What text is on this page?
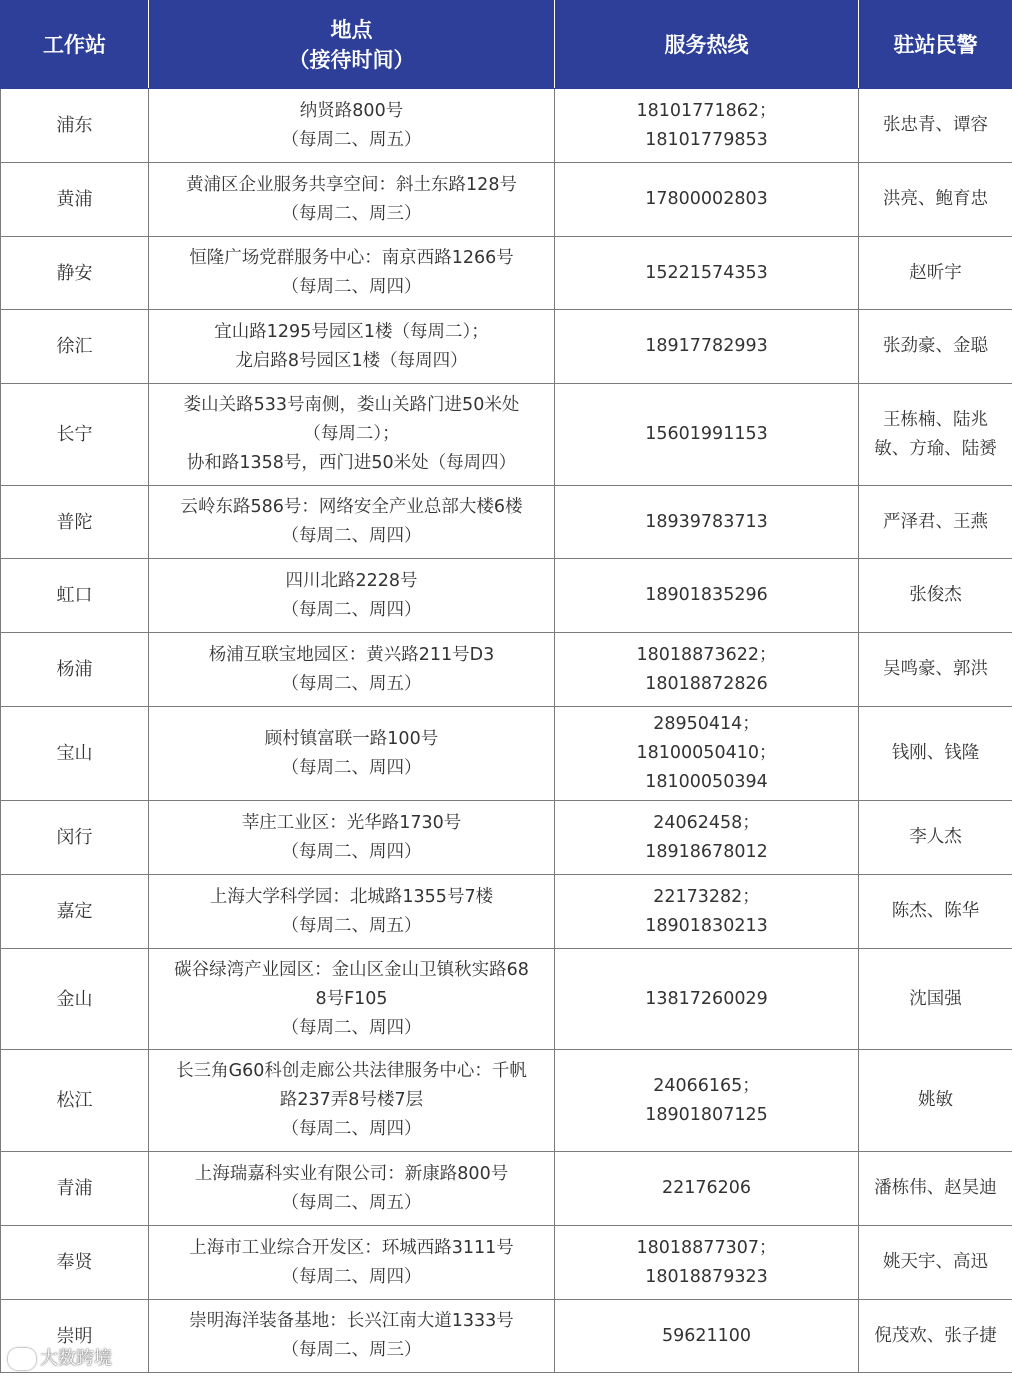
工作站	地点
（接待时间）	服务热线	驻站民警
浦东	纳贤路800号
（每周二、周五）	18101771862；
18101779853	张忠青、谭容

黄浦	黄浦区企业服务共享空间：斜土东路128号
（每周二、周三）	17800002803	洪亮、鲍育忠

静安	恒隆广场党群服务中心：南京西路1266号
（每周二、周四）	15221574353	赵昕宇

徐汇	宜山路1295号园区1楼（每周二）；
龙启路8号园区1楼（每周四）	18917782993	张劲豪、金聪

长宁	娄山关路533号南侧，娄山关路门进50米处
（每周二）；
协和路1358号，西门进50米处（每周四）	15601991153	王栋楠、陆兆
敏、方瑜、陆赟

普陀	云岭东路586号：网络安全产业总部大楼6楼
（每周二、周四）	18939783713	严泽君、王燕

虹口	四川北路2228号
（每周二、周四）	18901835296	张俊杰

杨浦	杨浦互联宝地园区：黄兴路211号D3
（每周二、周五）	18018873622；
18018872826	吴鸣豪、郭洪

宝山	顾村镇富联一路100号
（每周二、周四）	28950414；
18100050410；
18100050394	钱刚、钱隆

闵行	莘庄工业区：光华路1730号
（每周二、周四）	24062458；
18918678012	李人杰

嘉定	上海大学科学园：北城路1355号7楼
（每周二、周五）	22173282；
18901830213	陈杰、陈华

金山	碳谷绿湾产业园区：金山区金山卫镇秋实路68
8号F105
（每周二、周四）	13817260029	沈国强

松江	长三角G60科创走廊公共法律服务中心：千帆
路237弄8号楼7层
（每周二、周四）	24066165；
18901807125	姚敏

青浦	上海瑞嘉科实业有限公司：新康路800号
（每周二、周五）	22176206	潘栋伟、赵昊迪

奉贤	上海市工业综合开发区：环城西路3111号
（每周二、周四）	18018877307；
18018879323	姚天宇、高迅

崇明	崇明海洋装备基地：长兴江南大道1333号
（每周二、周三）	59621100	倪茂欢、张子捷
大数跨境
